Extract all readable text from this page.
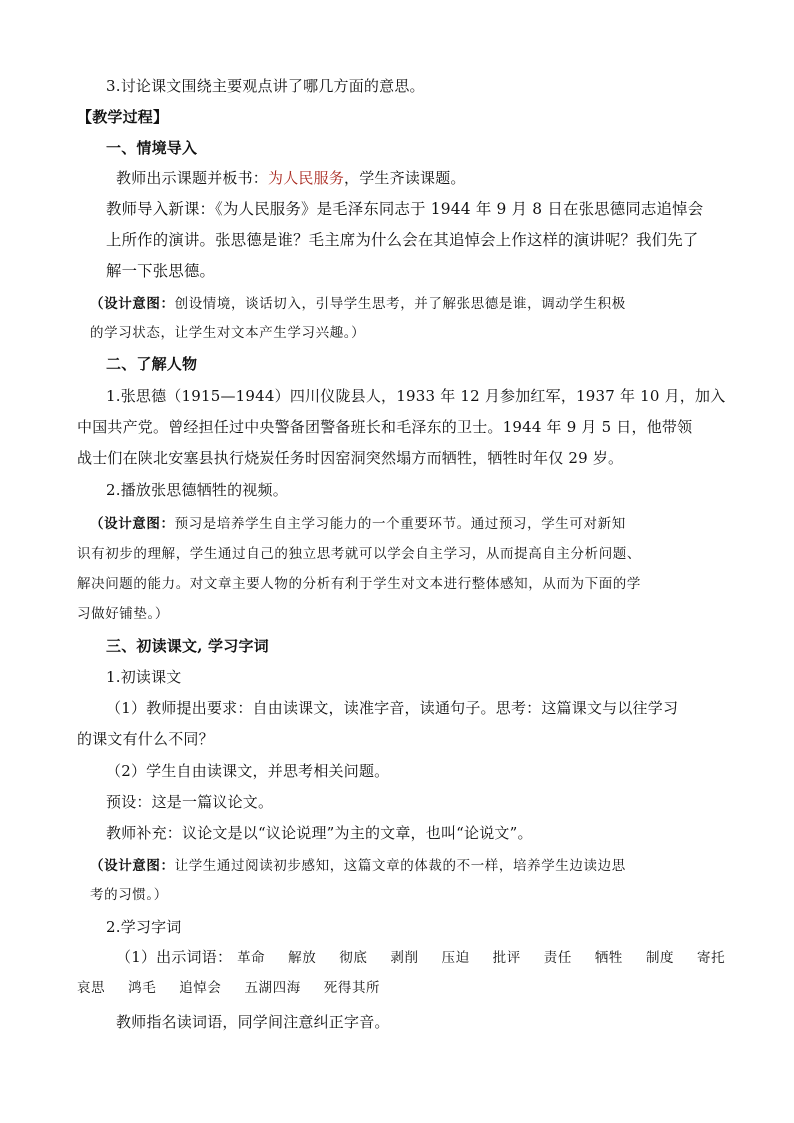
3.讨论课文围绕主要观点讲了哪几方面的意思。
【教学过程】
一、情境导入
教师出示课题并板书：为人民服务，学生齐读课题。
教师导入新课：《为人民服务》是毛泽东同志于 1944 年 9 月 8 日在张思德同志追悼会
上所作的演讲。张思德是谁？毛主席为什么会在其追悼会上作这样的演讲呢？我们先了
解一下张思德。
（设计意图：创设情境，谈话切入，引导学生思考，并了解张思德是谁，调动学生积极
的学习状态，让学生对文本产生学习兴趣。）
二、了解人物
1.张思德（1915—1944）四川仪陇县人，1933 年 12 月参加红军，1937 年 10 月，加入
中国共产党。曾经担任过中央警备团警备班长和毛泽东的卫士。1944 年 9 月 5 日，他带领
战士们在陕北安塞县执行烧炭任务时因窑洞突然塌方而牺牲，牺牲时年仅 29 岁。
2.播放张思德牺牲的视频。
（设计意图：预习是培养学生自主学习能力的一个重要环节。通过预习，学生可对新知
识有初步的理解，学生通过自己的独立思考就可以学会自主学习，从而提高自主分析问题、
解决问题的能力。对文章主要人物的分析有利于学生对文本进行整体感知，从而为下面的学
习做好铺垫。）
三、初读课文, 学习字词
1.初读课文
（1）教师提出要求：自由读课文，读准字音，读通句子。思考：这篇课文与以往学习
的课文有什么不同？
（2）学生自由读课文，并思考相关问题。
预设：这是一篇议论文。
教师补充：议论文是以“议论说理”为主的文章，也叫“论说文”。
（设计意图：让学生通过阅读初步感知，这篇文章的体裁的不一样，培养学生边读边思
考的习惯。）
2.学习字词
（1）出示词语： 革命 解放 彻底 剥削 压迫 批评 责任 牺牲 制度 寄托
哀思 鸿毛 追悼会 五湖四海 死得其所
教师指名读词语，同学间注意纠正字音。
